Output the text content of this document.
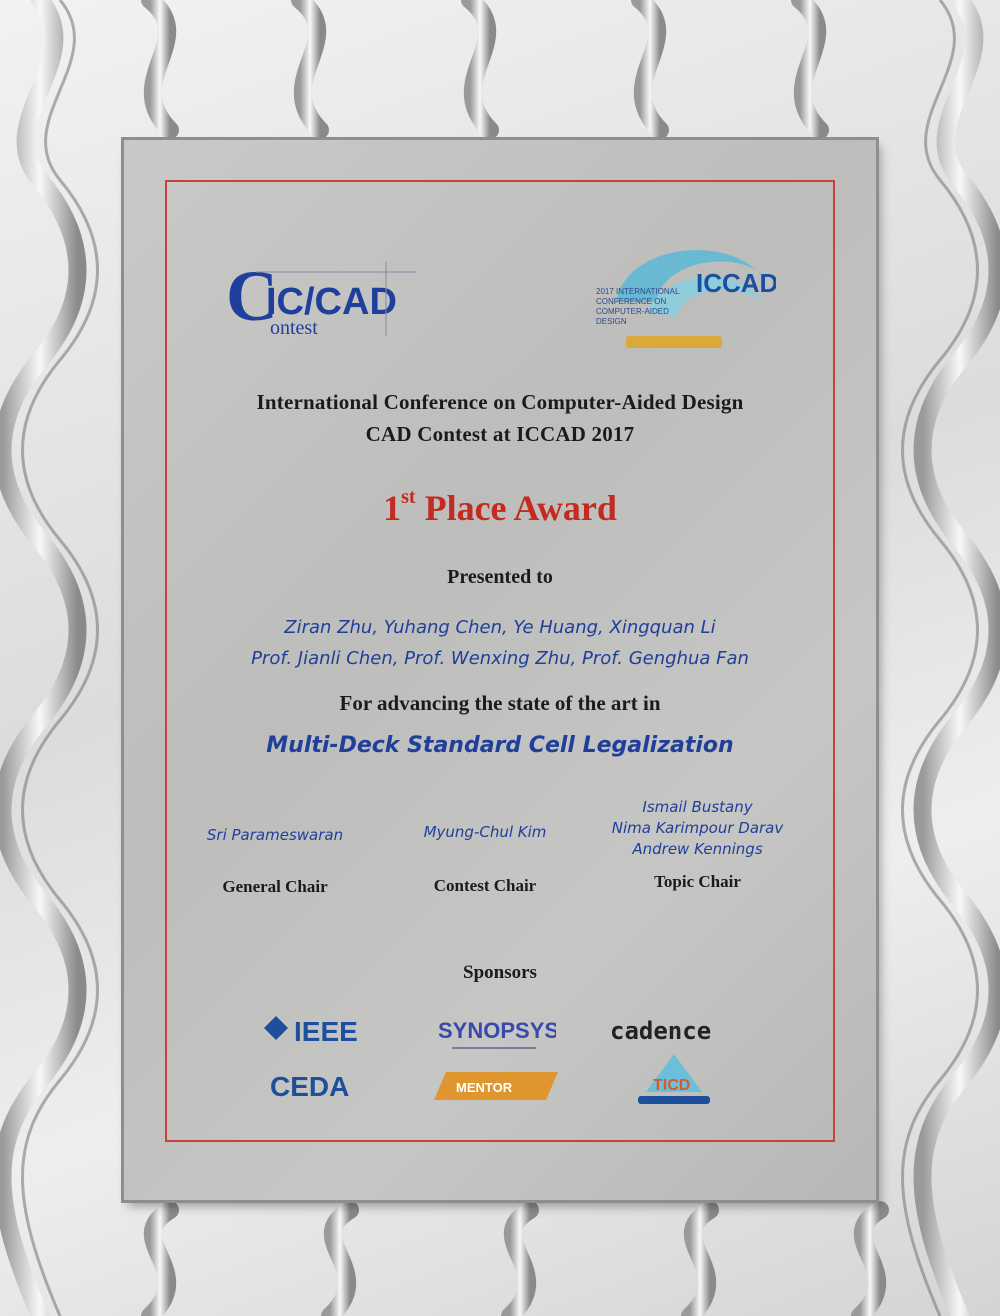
C
IC/CAD
ontest
ICCAD
2017 INTERNATIONAL
CONFERENCE ON
COMPUTER-AIDED
DESIGN
International Conference on Computer-Aided Design
CAD Contest at ICCAD 2017
1st Place Award
Presented to
Ziran Zhu, Yuhang Chen, Ye Huang, Xingquan Li
Prof. Jianli Chen, Prof. Wenxing Zhu, Prof. Genghua Fan
For advancing the state of the art in
Multi-Deck Standard Cell Legalization
Sri Parameswaran
General Chair
Myung-Chul Kim
Contest Chair
Ismail Bustany
Nima Karimpour Darav
Andrew Kennings
Topic Chair
Sponsors
IEEE	SYNOPSYS cadence
CEDA	MENTOR	TICD
